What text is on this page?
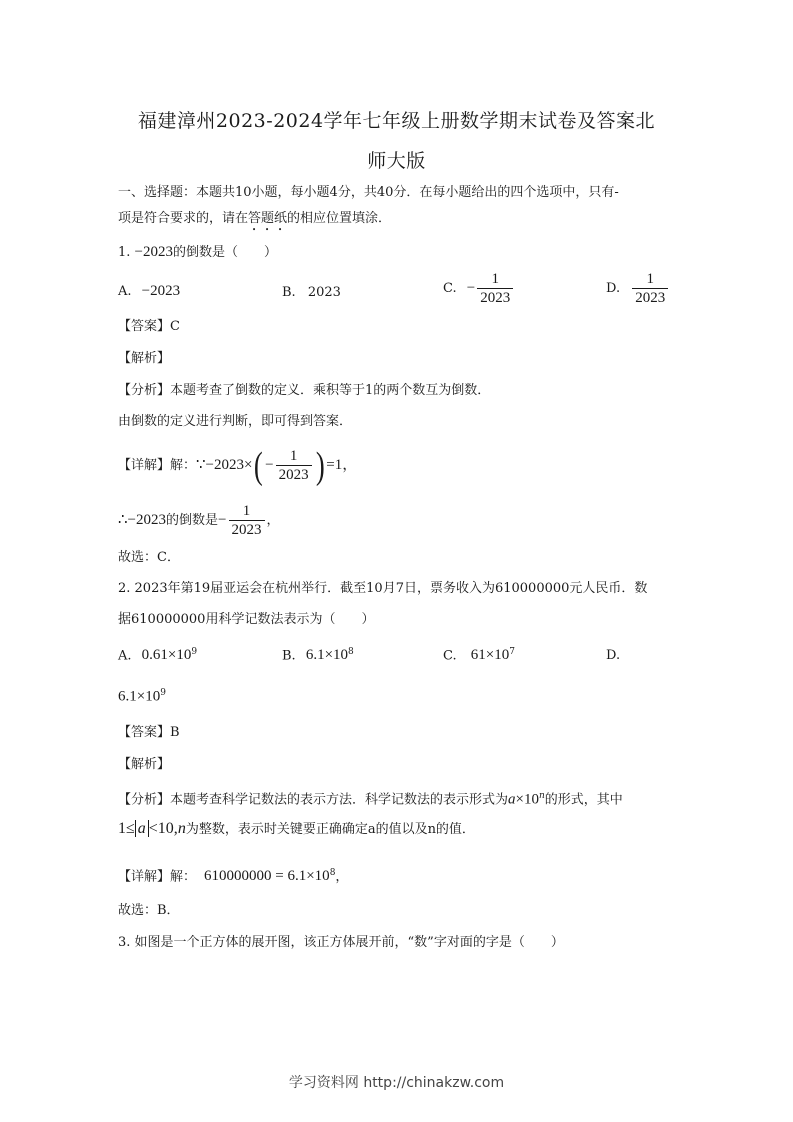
福建漳州2023-2024学年七年级上册数学期末试卷及答案北
师大版
一、选择题：本题共10小题，每小题4分，共40分．在每小题给出的四个选项中，只有-
项是符合要求的，请在答题纸的相应位置填涂．
1. −2023的倒数是（　　）
A. −2023	B. 2023	C. − $\frac{1}{2023}$	D. $\frac{1}{2023}$
【答案】C
【解析】
【分析】本题考查了倒数的定义．乘积等于1的两个数互为倒数．
由倒数的定义进行判断，即可得到答案．
【详解】解：∵−2023×( − $\frac{1}{2023}$ ) =1，
∴−2023的倒数是− $\frac{1}{2023}$ ，
故选：C．
2. 2023年第19届亚运会在杭州举行．截至10月7日，票务收入为610000000元人民币．数
据610000000用科学记数法表示为（　　）
A. $0.61\times 10^9$	B. $6.1\times 10^8$	C. $61\times 10^7$	D.
$6.1\times 10^9$
【答案】B
【解析】
【分析】本题考查科学记数法的表示方法．科学记数法的表示形式为$a\times 10^n$的形式，其中
1≤ a <10,n为整数，表示时关键要正确确定a的值以及n的值．
【详解】解： $610000000 = 6.1\times 10^8$，
故选：B．
3. 如图是一个正方体的展开图，该正方体展开前，“数”字对面的字是（　　）
学习资料网 http://chinakzw.com
